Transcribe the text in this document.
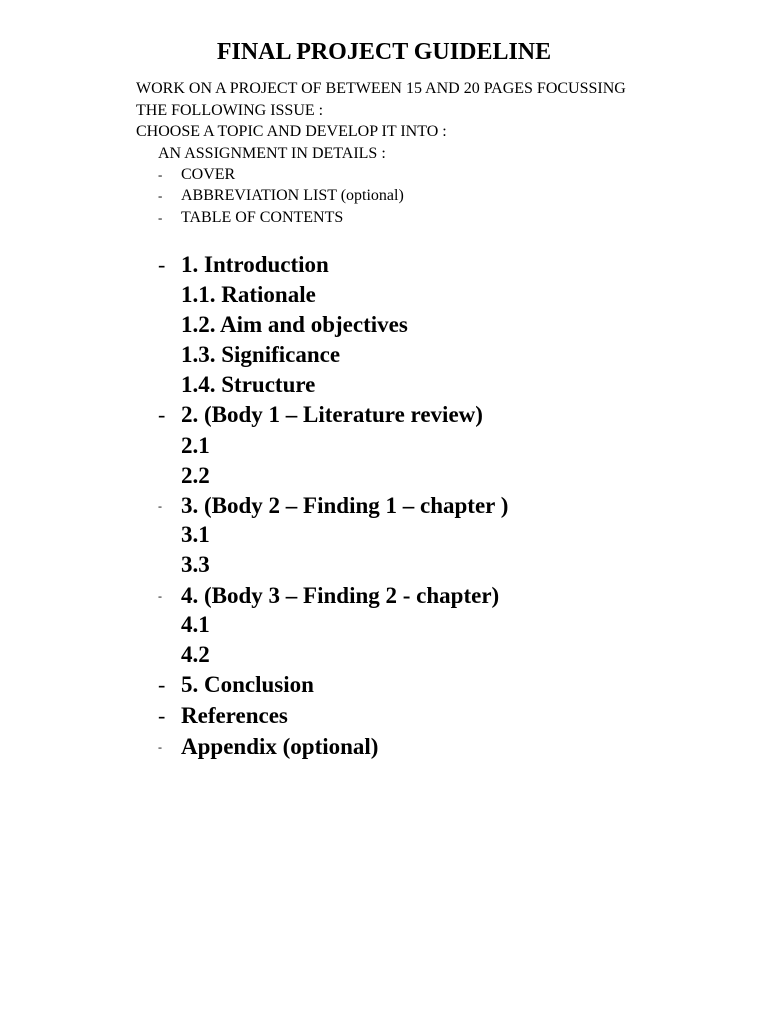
FINAL PROJECT GUIDELINE
WORK ON A PROJECT OF BETWEEN 15 AND 20 PAGES FOCUSSING
THE FOLLOWING ISSUE :
CHOOSE A TOPIC AND DEVELOP IT INTO :
AN ASSIGNMENT IN DETAILS :
- COVER
- ABBREVIATION LIST (optional)
- TABLE OF CONTENTS
- 1. Introduction
1.1. Rationale
1.2. Aim and objectives
1.3. Significance
1.4. Structure
- 2. (Body 1 – Literature review)
2.1
2.2
- 3. (Body 2 – Finding 1 – chapter )
3.1
3.3
- 4. (Body 3 – Finding 2 - chapter)
4.1
4.2
- 5. Conclusion
- References
- Appendix (optional)
